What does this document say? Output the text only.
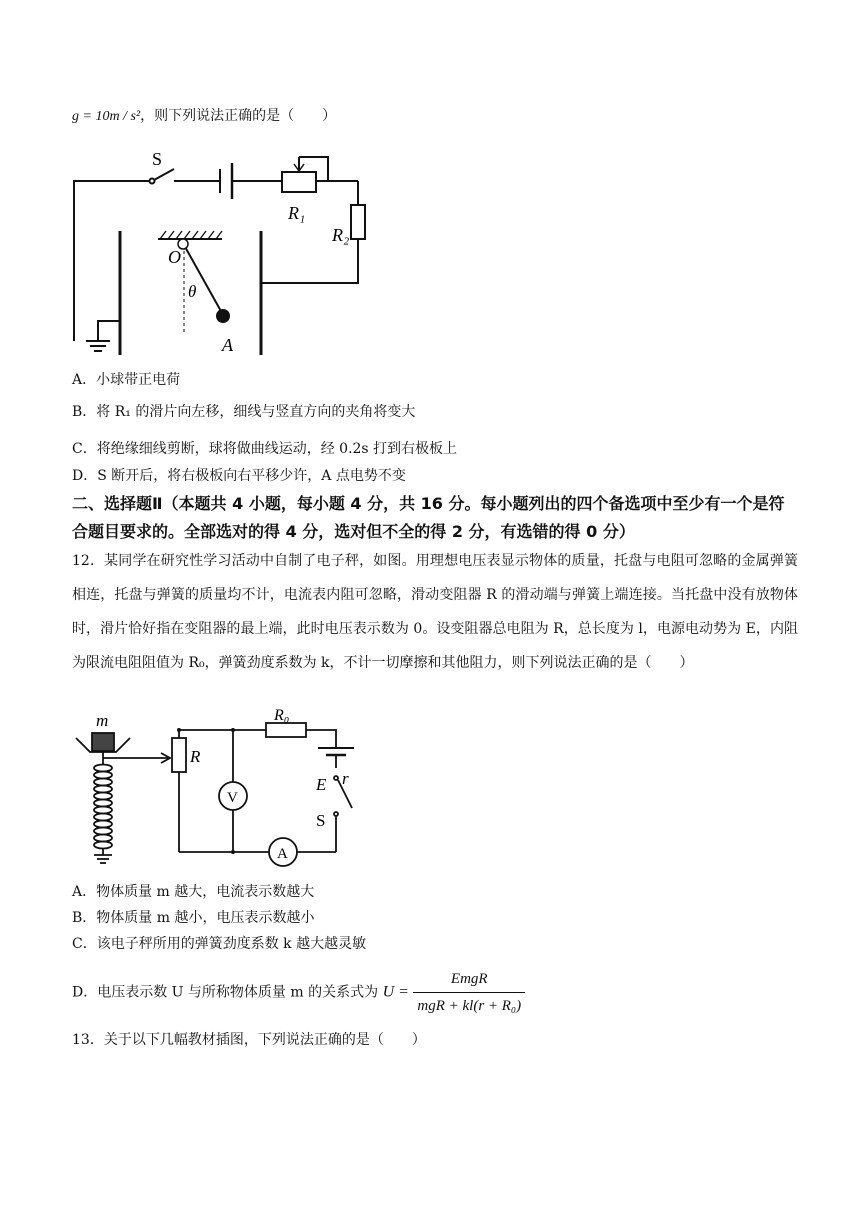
g = 10m / s²，则下列说法正确的是（　　）
S
R₁
R₂
O
θ
A
A．小球带正电荷
B．将 R₁ 的滑片向左移，细线与竖直方向的夹角将变大
C．将绝缘细线剪断，球将做曲线运动，经 0.2s 打到右极板上
D．S 断开后，将右极板向右平移少许，A 点电势不变
二、选择题Ⅱ（本题共 4 小题，每小题 4 分，共 16 分。每小题列出的四个备选项中至少有一个是符合题目要求的。全部选对的得 4 分，选对但不全的得 2 分，有选错的得 0 分）
12．某同学在研究性学习活动中自制了电子秤，如图。用理想电压表显示物体的质量，托盘与电阻可忽略的金属弹簧相连，托盘与弹簧的质量均不计，电流表内阻可忽略，滑动变阻器 R 的滑动端与弹簧上端连接。当托盘中没有放物体时，滑片恰好指在变阻器的最上端，此时电压表示数为 0。设变阻器总电阻为 R，总长度为 l，电源电动势为 E，内阻为限流电阻阻值为 R₀，弹簧劲度系数为 k，不计一切摩擦和其他阻力，则下列说法正确的是（　　）
m
R
R₀
V
A
E r
S
A．物体质量 m 越大，电流表示数越大
B．物体质量 m 越小，电压表示数越小
C．该电子秤所用的弹簧劲度系数 k 越大越灵敏
D．电压表示数 U 与所称物体质量 m 的关系式为 $U = \frac{\text{EmgR}}{\text{mgR + kl(r + R₀)}}$
13．关于以下几幅教材插图，下列说法正确的是（　　）
